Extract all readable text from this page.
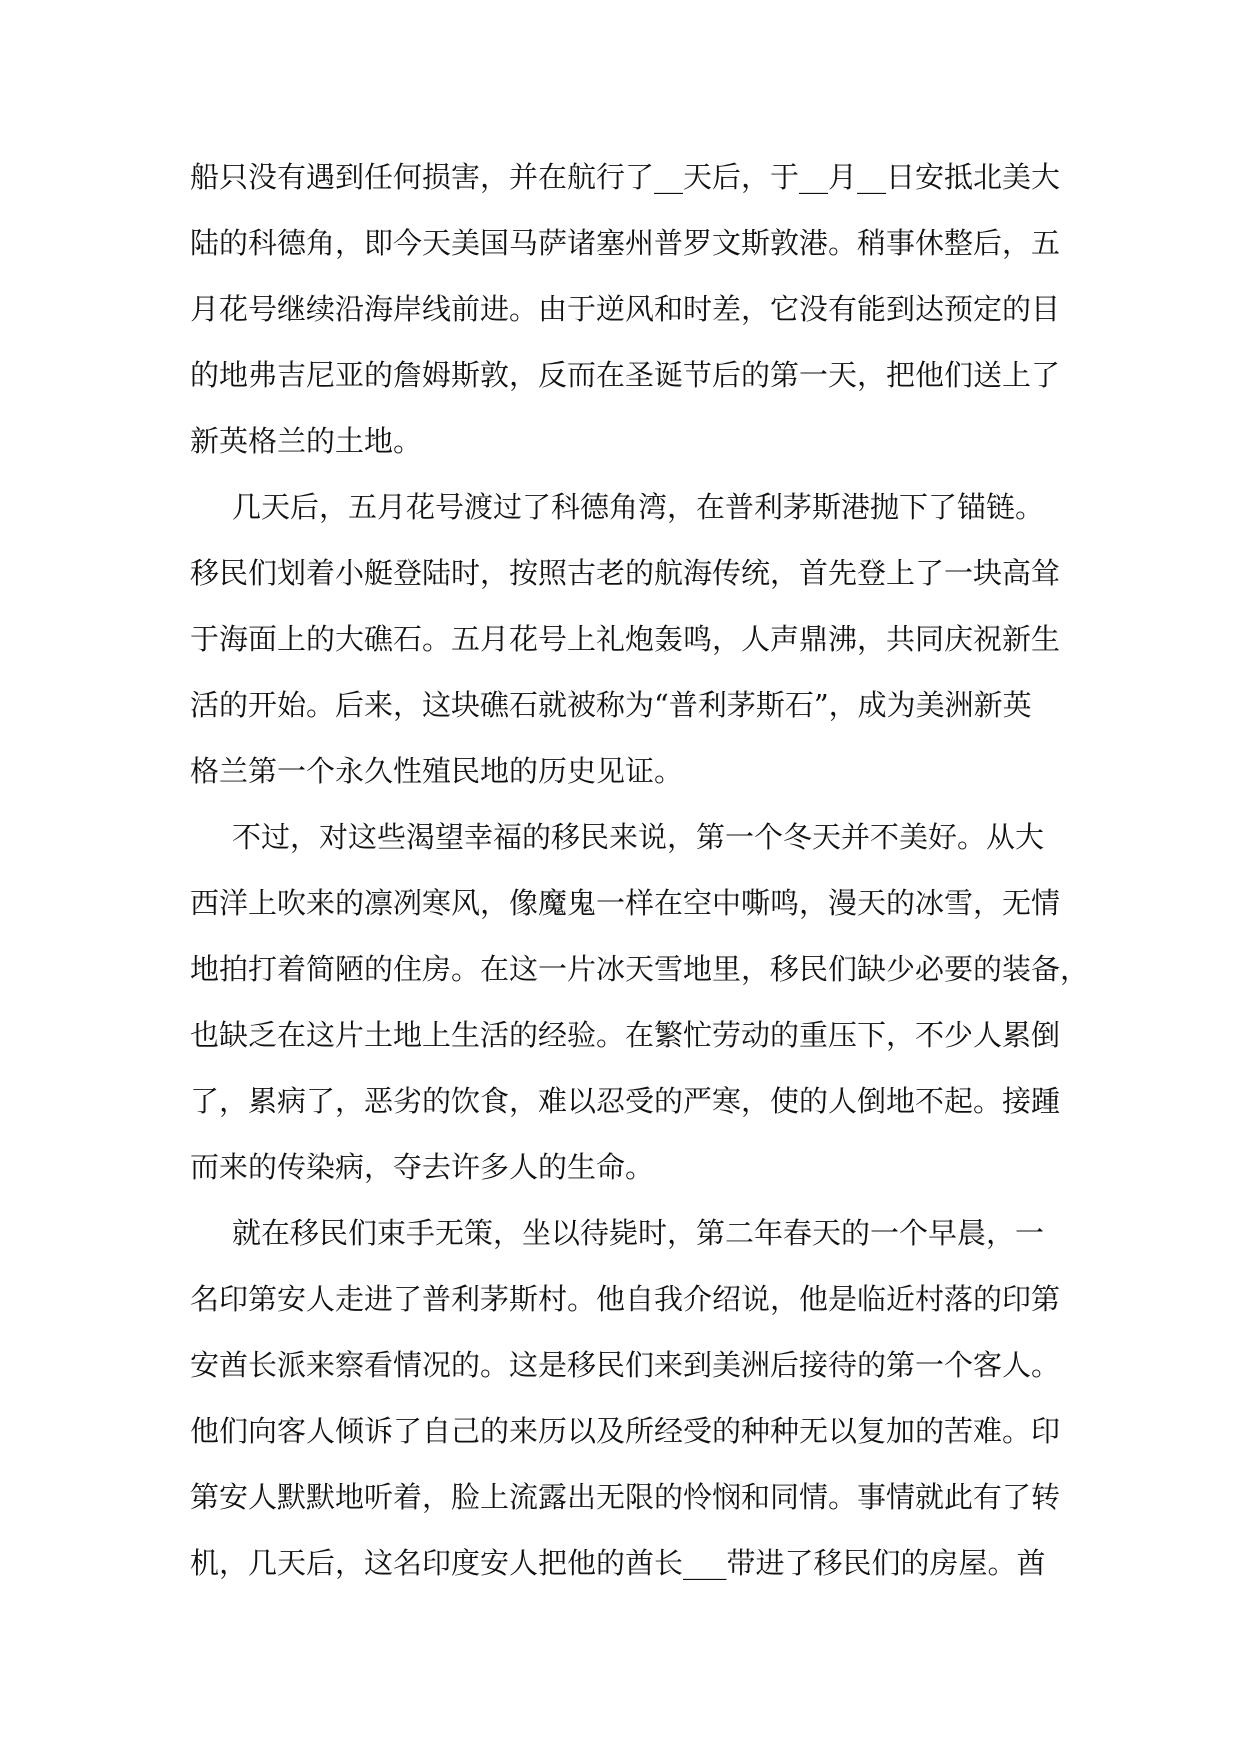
船只没有遇到任何损害，并在航行了__天后，于__月__日安抵北美大

陆的科德角，即今天美国马萨诸塞州普罗文斯敦港。稍事休整后，五

月花号继续沿海岸线前进。由于逆风和时差，它没有能到达预定的目

的地弗吉尼亚的詹姆斯敦，反而在圣诞节后的第一天，把他们送上了

新英格兰的土地。

几天后，五月花号渡过了科德角湾，在普利茅斯港抛下了锚链。

移民们划着小艇登陆时，按照古老的航海传统，首先登上了一块高耸

于海面上的大礁石。五月花号上礼炮轰鸣，人声鼎沸，共同庆祝新生

活的开始。后来，这块礁石就被称为“普利茅斯石”，成为美洲新英

格兰第一个永久性殖民地的历史见证。

不过，对这些渴望幸福的移民来说，第一个冬天并不美好。从大

西洋上吹来的凛冽寒风，像魔鬼一样在空中嘶鸣，漫天的冰雪，无情

地拍打着简陋的住房。在这一片冰天雪地里，移民们缺少必要的装备，

也缺乏在这片土地上生活的经验。在繁忙劳动的重压下，不少人累倒

了，累病了，恶劣的饮食，难以忍受的严寒，使的人倒地不起。接踵

而来的传染病，夺去许多人的生命。

就在移民们束手无策，坐以待毙时，第二年春天的一个早晨，一

名印第安人走进了普利茅斯村。他自我介绍说，他是临近村落的印第

安酋长派来察看情况的。这是移民们来到美洲后接待的第一个客人。

他们向客人倾诉了自己的来历以及所经受的种种无以复加的苦难。印

第安人默默地听着，脸上流露出无限的怜悯和同情。事情就此有了转

机，几天后，这名印度安人把他的酋长___带进了移民们的房屋。酋
